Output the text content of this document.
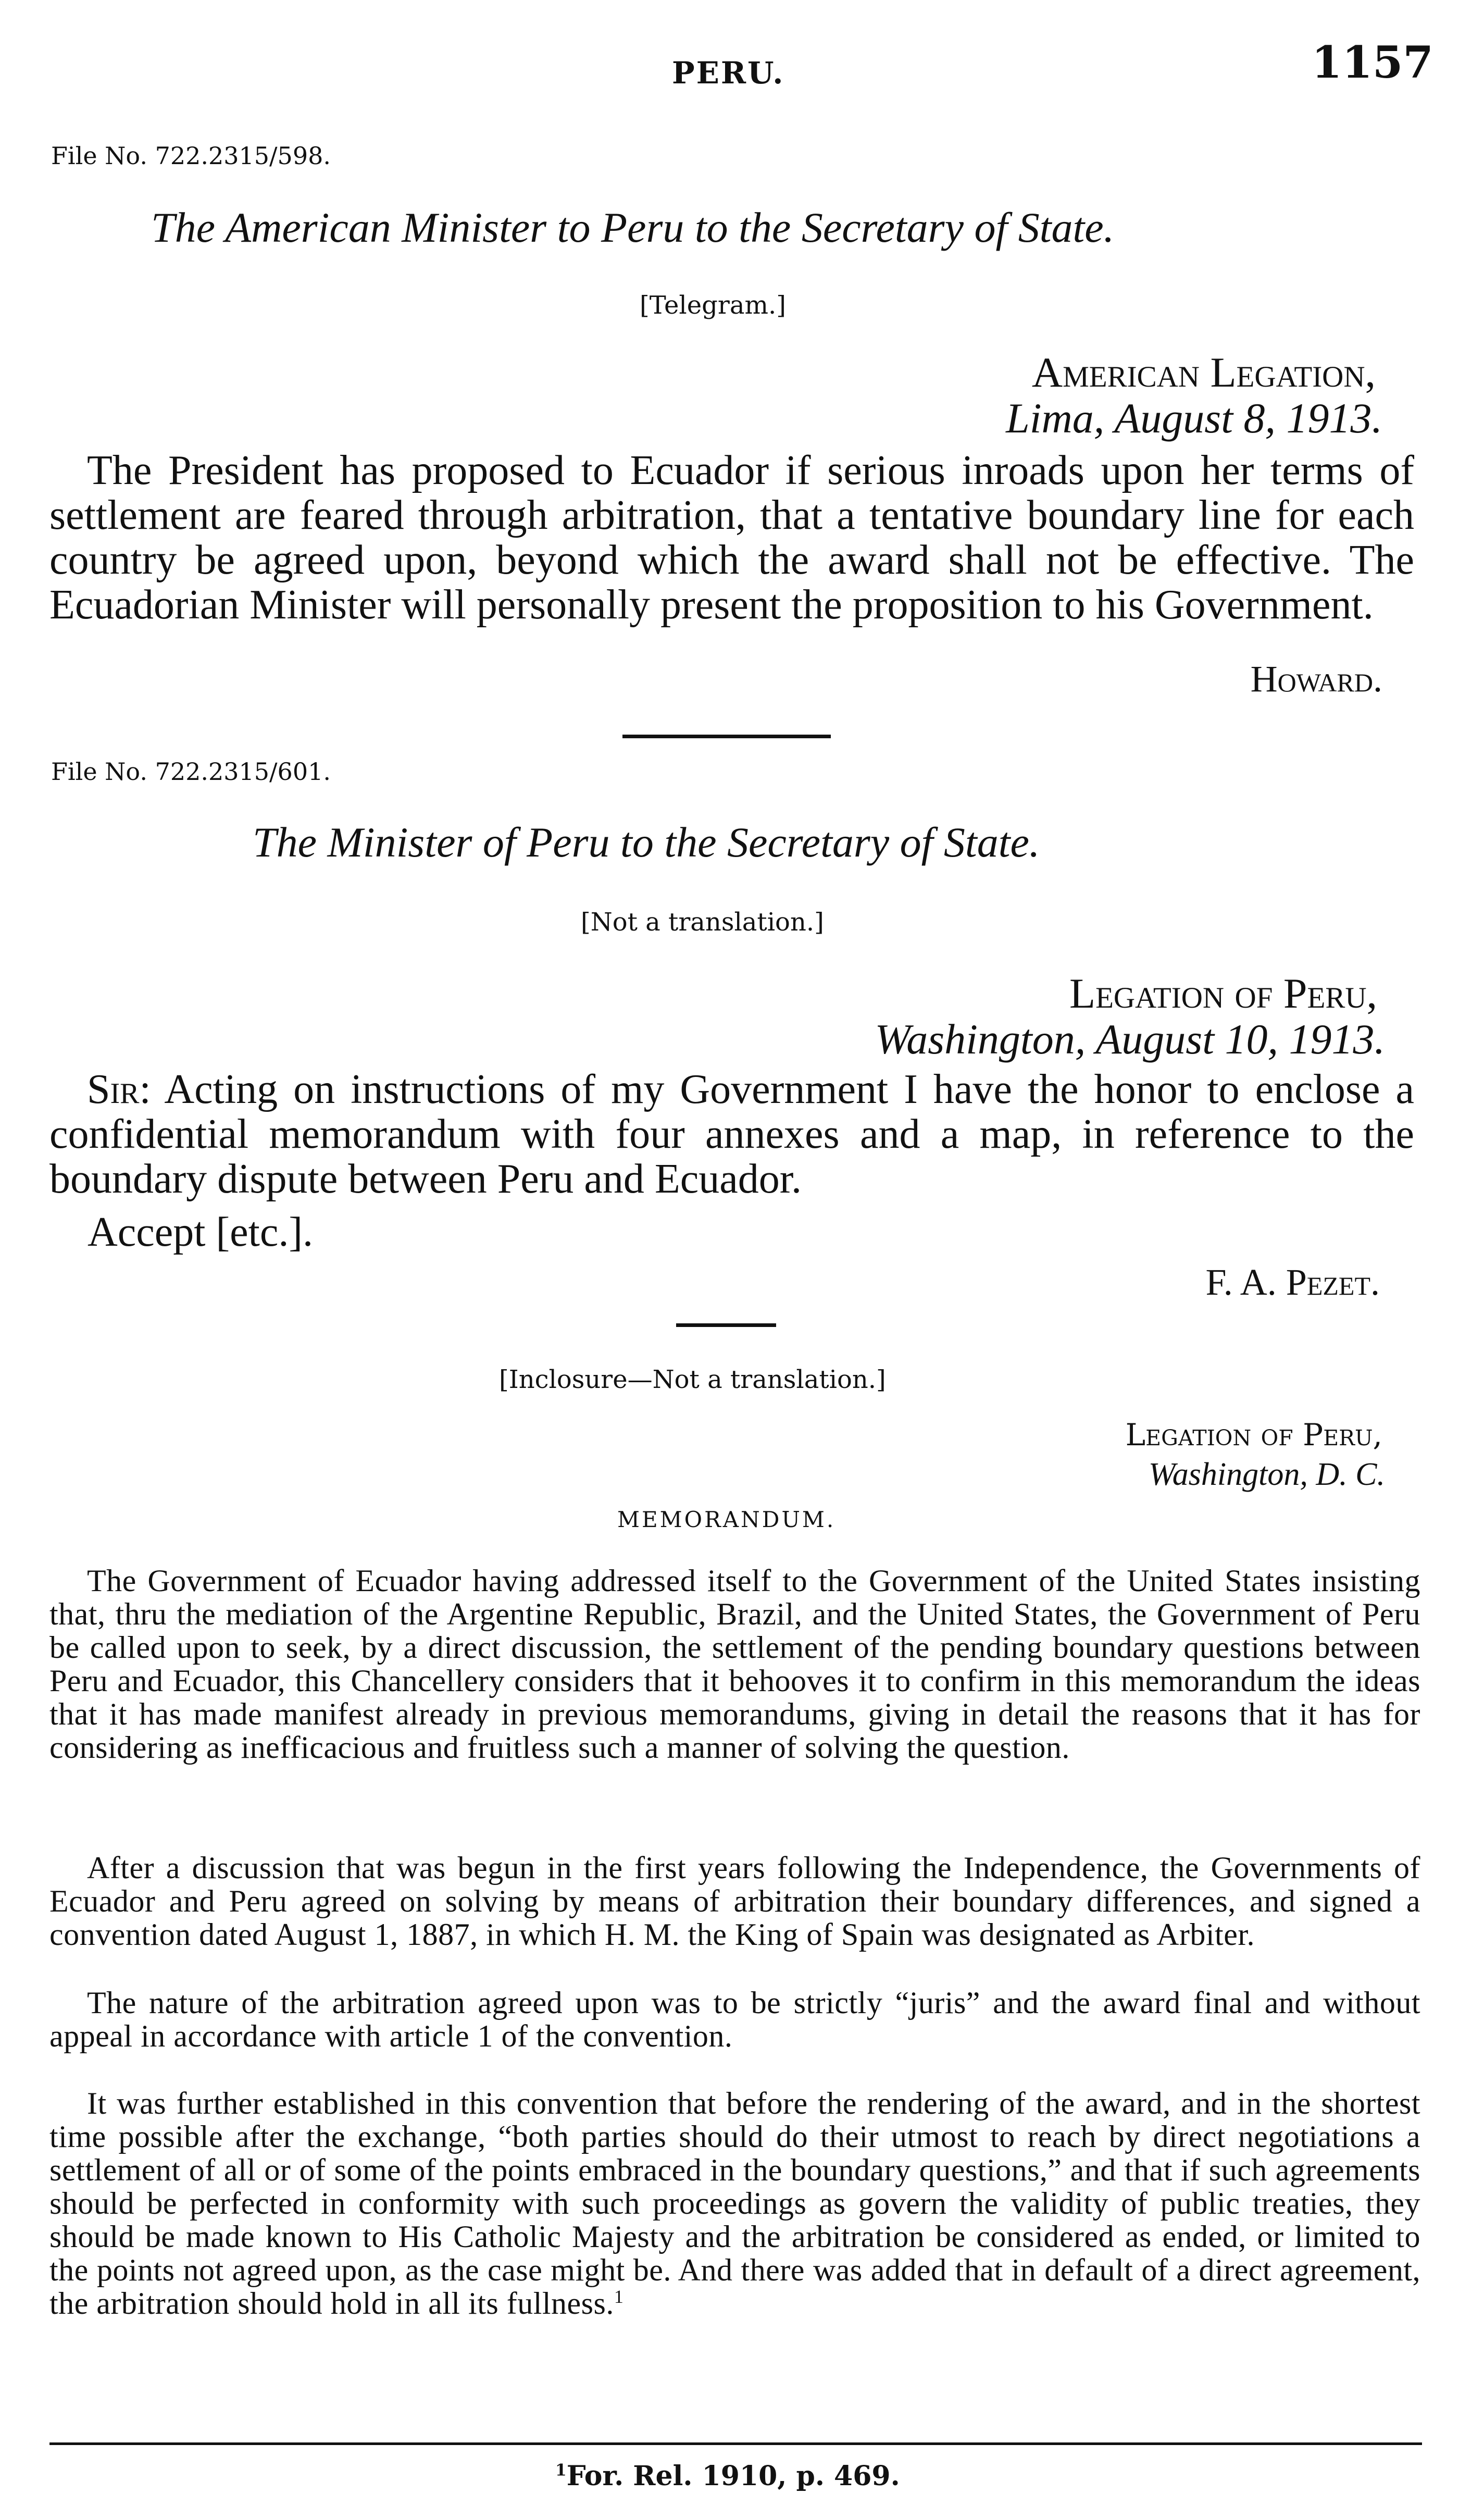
PERU.	1157
File No. 722.2315/598.
The American Minister to Peru to the Secretary of State.
[Telegram.]
American Legation,
Lima, August 8, 1913.
The President has proposed to Ecuador if serious inroads upon her terms of settlement are feared through arbitration, that a tentative boundary line for each country be agreed upon, beyond which the award shall not be effective. The Ecuadorian Minister will personally present the proposition to his Government.
Howard.
File No. 722.2315/601.
The Minister of Peru to the Secretary of State.
[Not a translation.]
Legation of Peru,
Washington, August 10, 1913.
Sir: Acting on instructions of my Government I have the honor to enclose a confidential memorandum with four annexes and a map, in reference to the boundary dispute between Peru and Ecuador.
Accept [etc.].
F. A. Pezet.
[Inclosure—Not a translation.]
Legation of Peru,
Washington, D. C.
MEMORANDUM.
The Government of Ecuador having addressed itself to the Government of the United States insisting that, thru the mediation of the Argentine Republic, Brazil, and the United States, the Government of Peru be called upon to seek, by a direct discussion, the settlement of the pending boundary questions between Peru and Ecuador, this Chancellery considers that it behooves it to confirm in this memorandum the ideas that it has made manifest already in previous memorandums, giving in detail the reasons that it has for considering as inefficacious and fruitless such a manner of solving the question.
After a discussion that was begun in the first years following the Independence, the Governments of Ecuador and Peru agreed on solving by means of arbitration their boundary differences, and signed a convention dated August 1, 1887, in which H. M. the King of Spain was designated as Arbiter.
The nature of the arbitration agreed upon was to be strictly “juris” and the award final and without appeal in accordance with article 1 of the convention.
It was further established in this convention that before the rendering of the award, and in the shortest time possible after the exchange, “both parties should do their utmost to reach by direct negotiations a settlement of all or of some of the points embraced in the boundary questions,” and that if such agreements should be perfected in conformity with such proceedings as govern the validity of public treaties, they should be made known to His Catholic Majesty and the arbitration be considered as ended, or limited to the points not agreed upon, as the case might be. And there was added that in default of a direct agreement, the arbitration should hold in all its fullness.$^1$
$^1$For. Rel. 1910, p. 469.
